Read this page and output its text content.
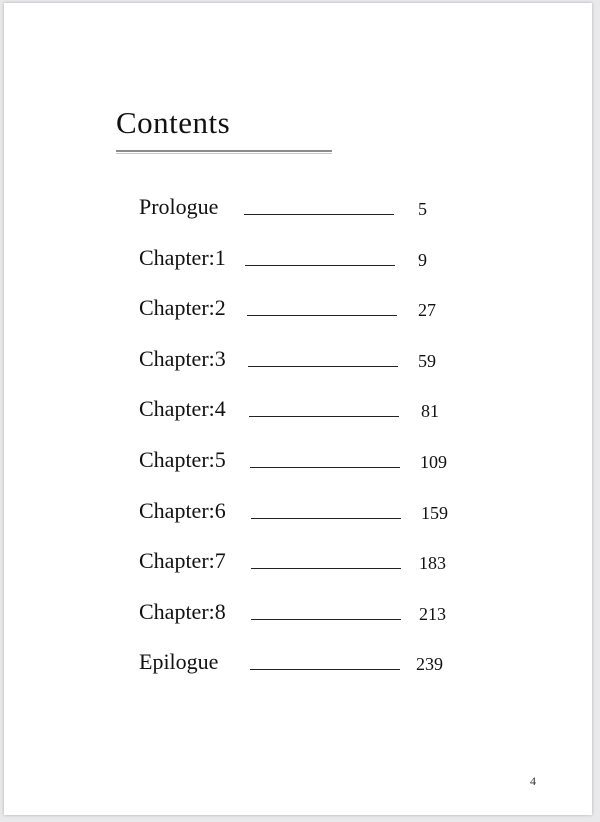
Contents
Prologue	5
Chapter:1	9
Chapter:2	27
Chapter:3	59
Chapter:4	81
Chapter:5	109
Chapter:6	159
Chapter:7	183
Chapter:8	213
Epilogue	239
4
